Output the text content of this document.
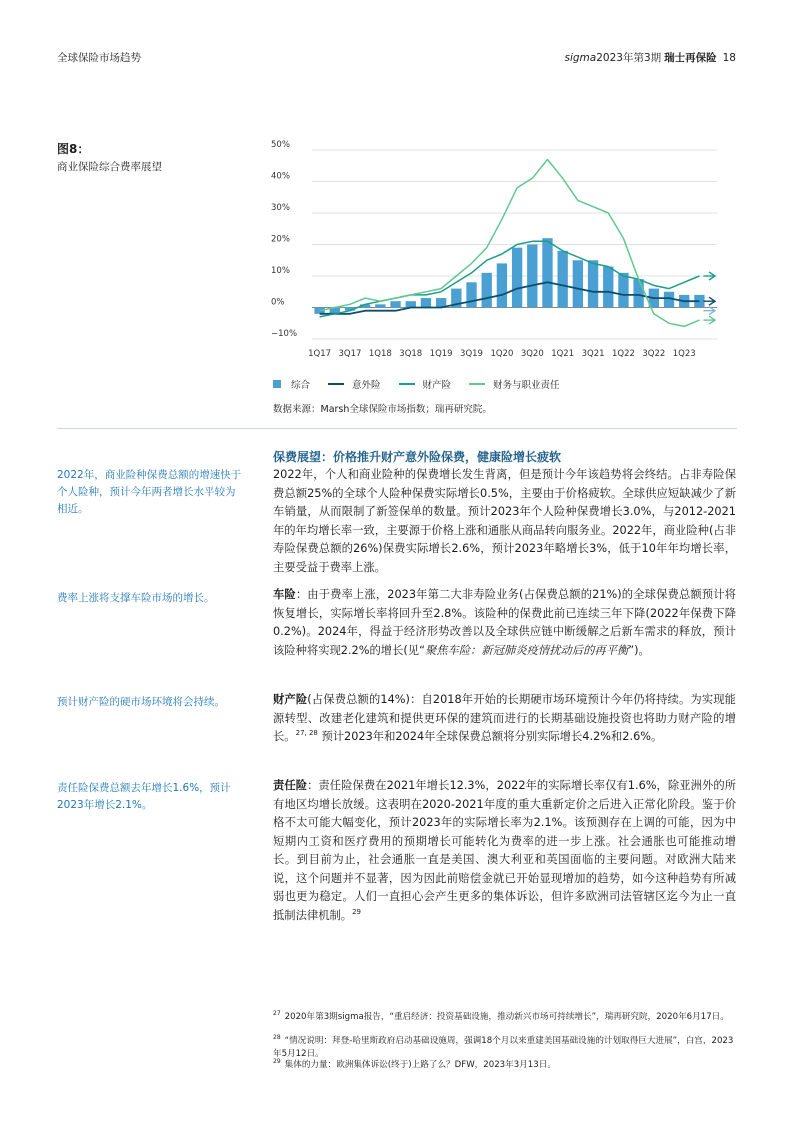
全球保险市场趋势	sigma2023年第3期 瑞士再保险 18
图8：
商业保险综合费率展望
−10%
0%
10%
20%
30%
40%
50%
1Q17 3Q17 1Q18 3Q18 1Q19 3Q19 1Q20 3Q20 1Q21 3Q21 1Q22 3Q22 1Q23
综合	意外险	财产险	财务与职业责任
数据来源：Marsh全球保险市场指数；瑞再研究院。
保费展望：价格推升财产意外险保费，健康险增长疲软
2022年，商业险种保费总额的增速快于个人险种，预计今年两者增长水平较为相近。
费率上涨将支撑车险市场的增长。
预计财产险的硬市场环境将会持续。
责任险保费总额去年增长1.6%，预计2023年增长2.1%。
2022年，个人和商业险种的保费增长发生背离，但是预计今年该趋势将会终结。占非寿险保费总额25%的全球个人险种保费实际增长0.5%，主要由于价格疲软。全球供应短缺减少了新车销量，从而限制了新签保单的数量。预计2023年个人险种保费增长3.0%，与2012-2021年的年均增长率一致，主要源于价格上涨和通胀从商品转向服务业。2022年，商业险种(占非寿险保费总额的26%)保费实际增长2.6%，预计2023年略增长3%，低于10年年均增长率，主要受益于费率上涨。
车险：由于费率上涨，2023年第二大非寿险业务(占保费总额的21%)的全球保费总额预计将恢复增长，实际增长率将回升至2.8%。该险种的保费此前已连续三年下降(2022年保费下降0.2%)。2024年，得益于经济形势改善以及全球供应链中断缓解之后新车需求的释放，预计该险种将实现2.2%的增长(见“聚焦车险：新冠肺炎疫情扰动后的再平衡”)。
财产险(占保费总额的14%)：自2018年开始的长期硬市场环境预计今年仍将持续。为实现能源转型、改建老化建筑和提供更环保的建筑而进行的长期基础设施投资也将助力财产险的增长。$^{27, 28}$ 预计2023年和2024年全球保费总额将分别实际增长4.2%和2.6%。
责任险：责任险保费在2021年增长12.3%，2022年的实际增长率仅有1.6%，除亚洲外的所有地区均增长放缓。这表明在2020-2021年度的重大重新定价之后进入正常化阶段。鉴于价格不太可能大幅变化，预计2023年的实际增长率为2.1%。该预测存在上调的可能，因为中短期内工资和医疗费用的预期增长可能转化为费率的进一步上涨。社会通胀也可能推动增长。到目前为止，社会通胀一直是美国、澳大利亚和英国面临的主要问题。对欧洲大陆来说，这个问题并不显著，因为因此前赔偿金就已开始显现增加的趋势，如今这种趋势有所减弱也更为稳定。人们一直担心会产生更多的集体诉讼，但许多欧洲司法管辖区迄今为止一直抵制法律机制。$^{29}$
$^{27}$ 2020年第3期sigma报告，“重启经济：投资基础设施，推动新兴市场可持续增长”，瑞再研究院，2020年6月17日。
$^{28}$ “情况说明：拜登-哈里斯政府启动基础设施周，强调18个月以来重建美国基础设施的计划取得巨大进展”，白宫，2023年5月12日。
$^{29}$ 集体的力量：欧洲集体诉讼(终于)上路了么？DFW，2023年3月13日。
